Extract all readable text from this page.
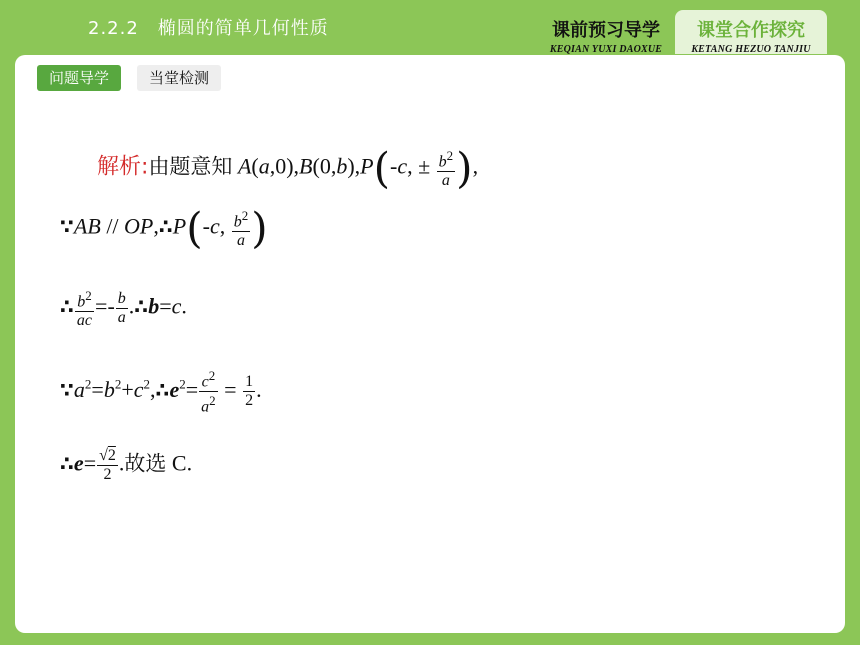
2.2.2　椭圆的简单几何性质	课前预习导学
KEQIAN YUXI DAOXUE
课堂合作探究
KETANG HEZUO TANJIU
问题导学	当堂检测
解析:由题意知 A(a,0),B(0,b),P(-c, ± $\frac{b^2}{a}$ ),
∵AB // OP,∴P(-c, $\frac{b^2}{a}$ )
∴ $\frac{b^2}{ac} =- \frac{b}{a}$ .∴b=c.
$\because a^2=b^2+c^2,\therefore e^2= \frac{c^2}{a^2} = \frac{1}{2}$ .
∴e= $\frac{√2}{2}$ .故选 C.
